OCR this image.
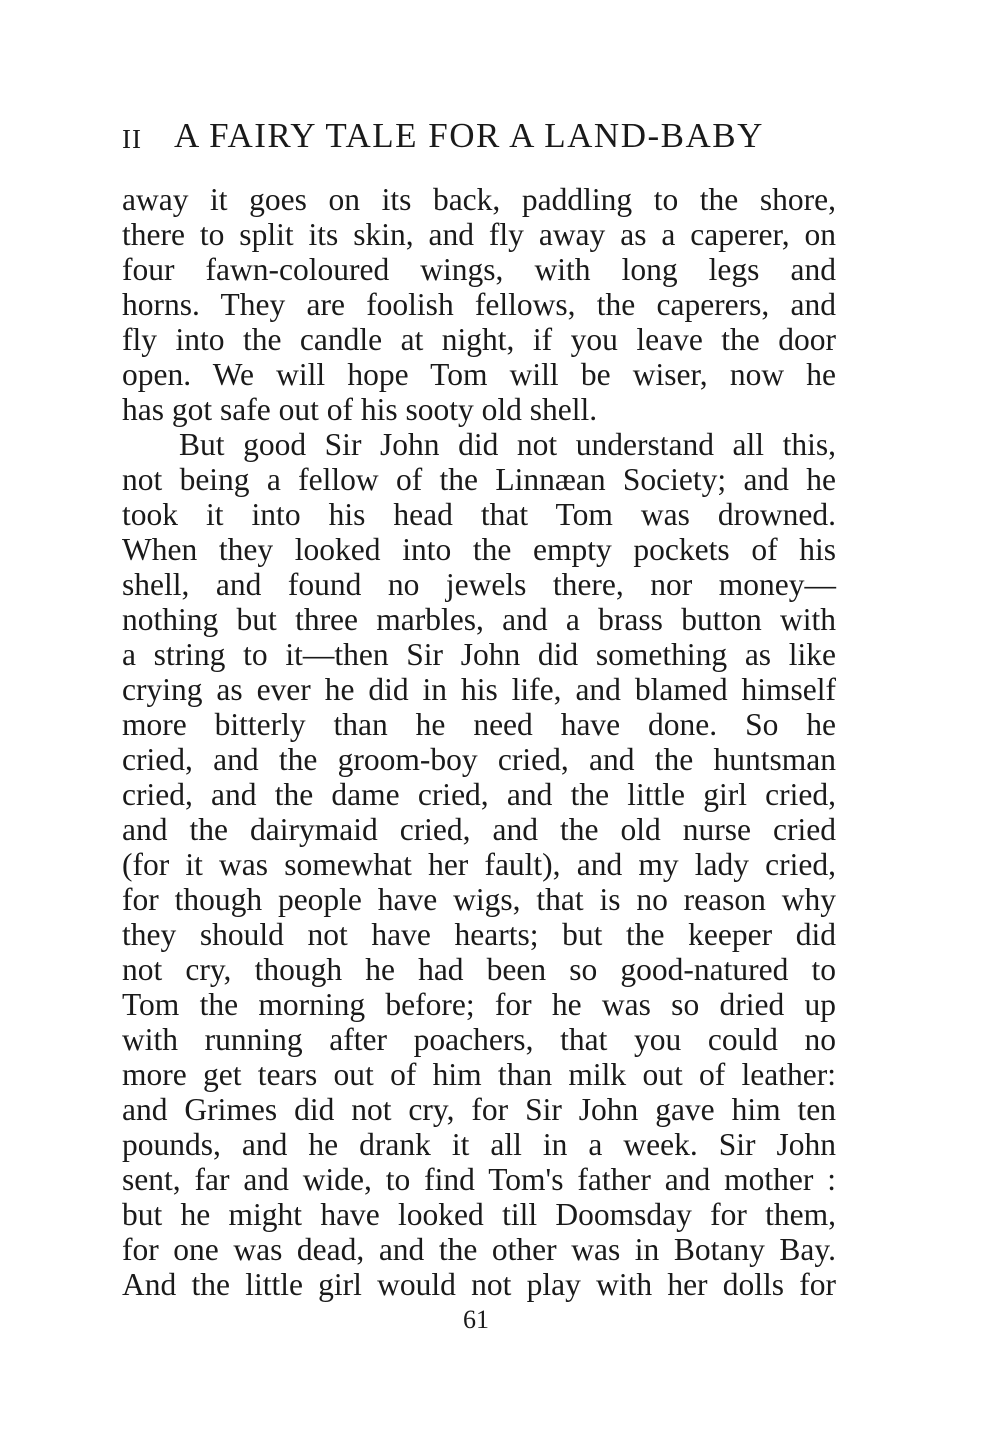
II A FAIRY TALE FOR A LAND-BABY
away it goes on its back, paddling to the shore,
there to split its skin, and fly away as a caperer, on
four fawn-coloured wings, with long legs and
horns. They are foolish fellows, the caperers, and
fly into the candle at night, if you leave the door
open. We will hope Tom will be wiser, now he
has got safe out of his sooty old shell.
But good Sir John did not understand all this,
not being a fellow of the Linnæan Society; and he
took it into his head that Tom was drowned.
When they looked into the empty pockets of his
shell, and found no jewels there, nor money—
nothing but three marbles, and a brass button with
a string to it—then Sir John did something as like
crying as ever he did in his life, and blamed himself
more bitterly than he need have done. So he
cried, and the groom-boy cried, and the huntsman
cried, and the dame cried, and the little girl cried,
and the dairymaid cried, and the old nurse cried
(for it was somewhat her fault), and my lady cried,
for though people have wigs, that is no reason why
they should not have hearts; but the keeper did
not cry, though he had been so good-natured to
Tom the morning before; for he was so dried up
with running after poachers, that you could no
more get tears out of him than milk out of leather:
and Grimes did not cry, for Sir John gave him ten
pounds, and he drank it all in a week. Sir John
sent, far and wide, to find Tom's father and mother :
but he might have looked till Doomsday for them,
for one was dead, and the other was in Botany Bay.
And the little girl would not play with her dolls for
61
